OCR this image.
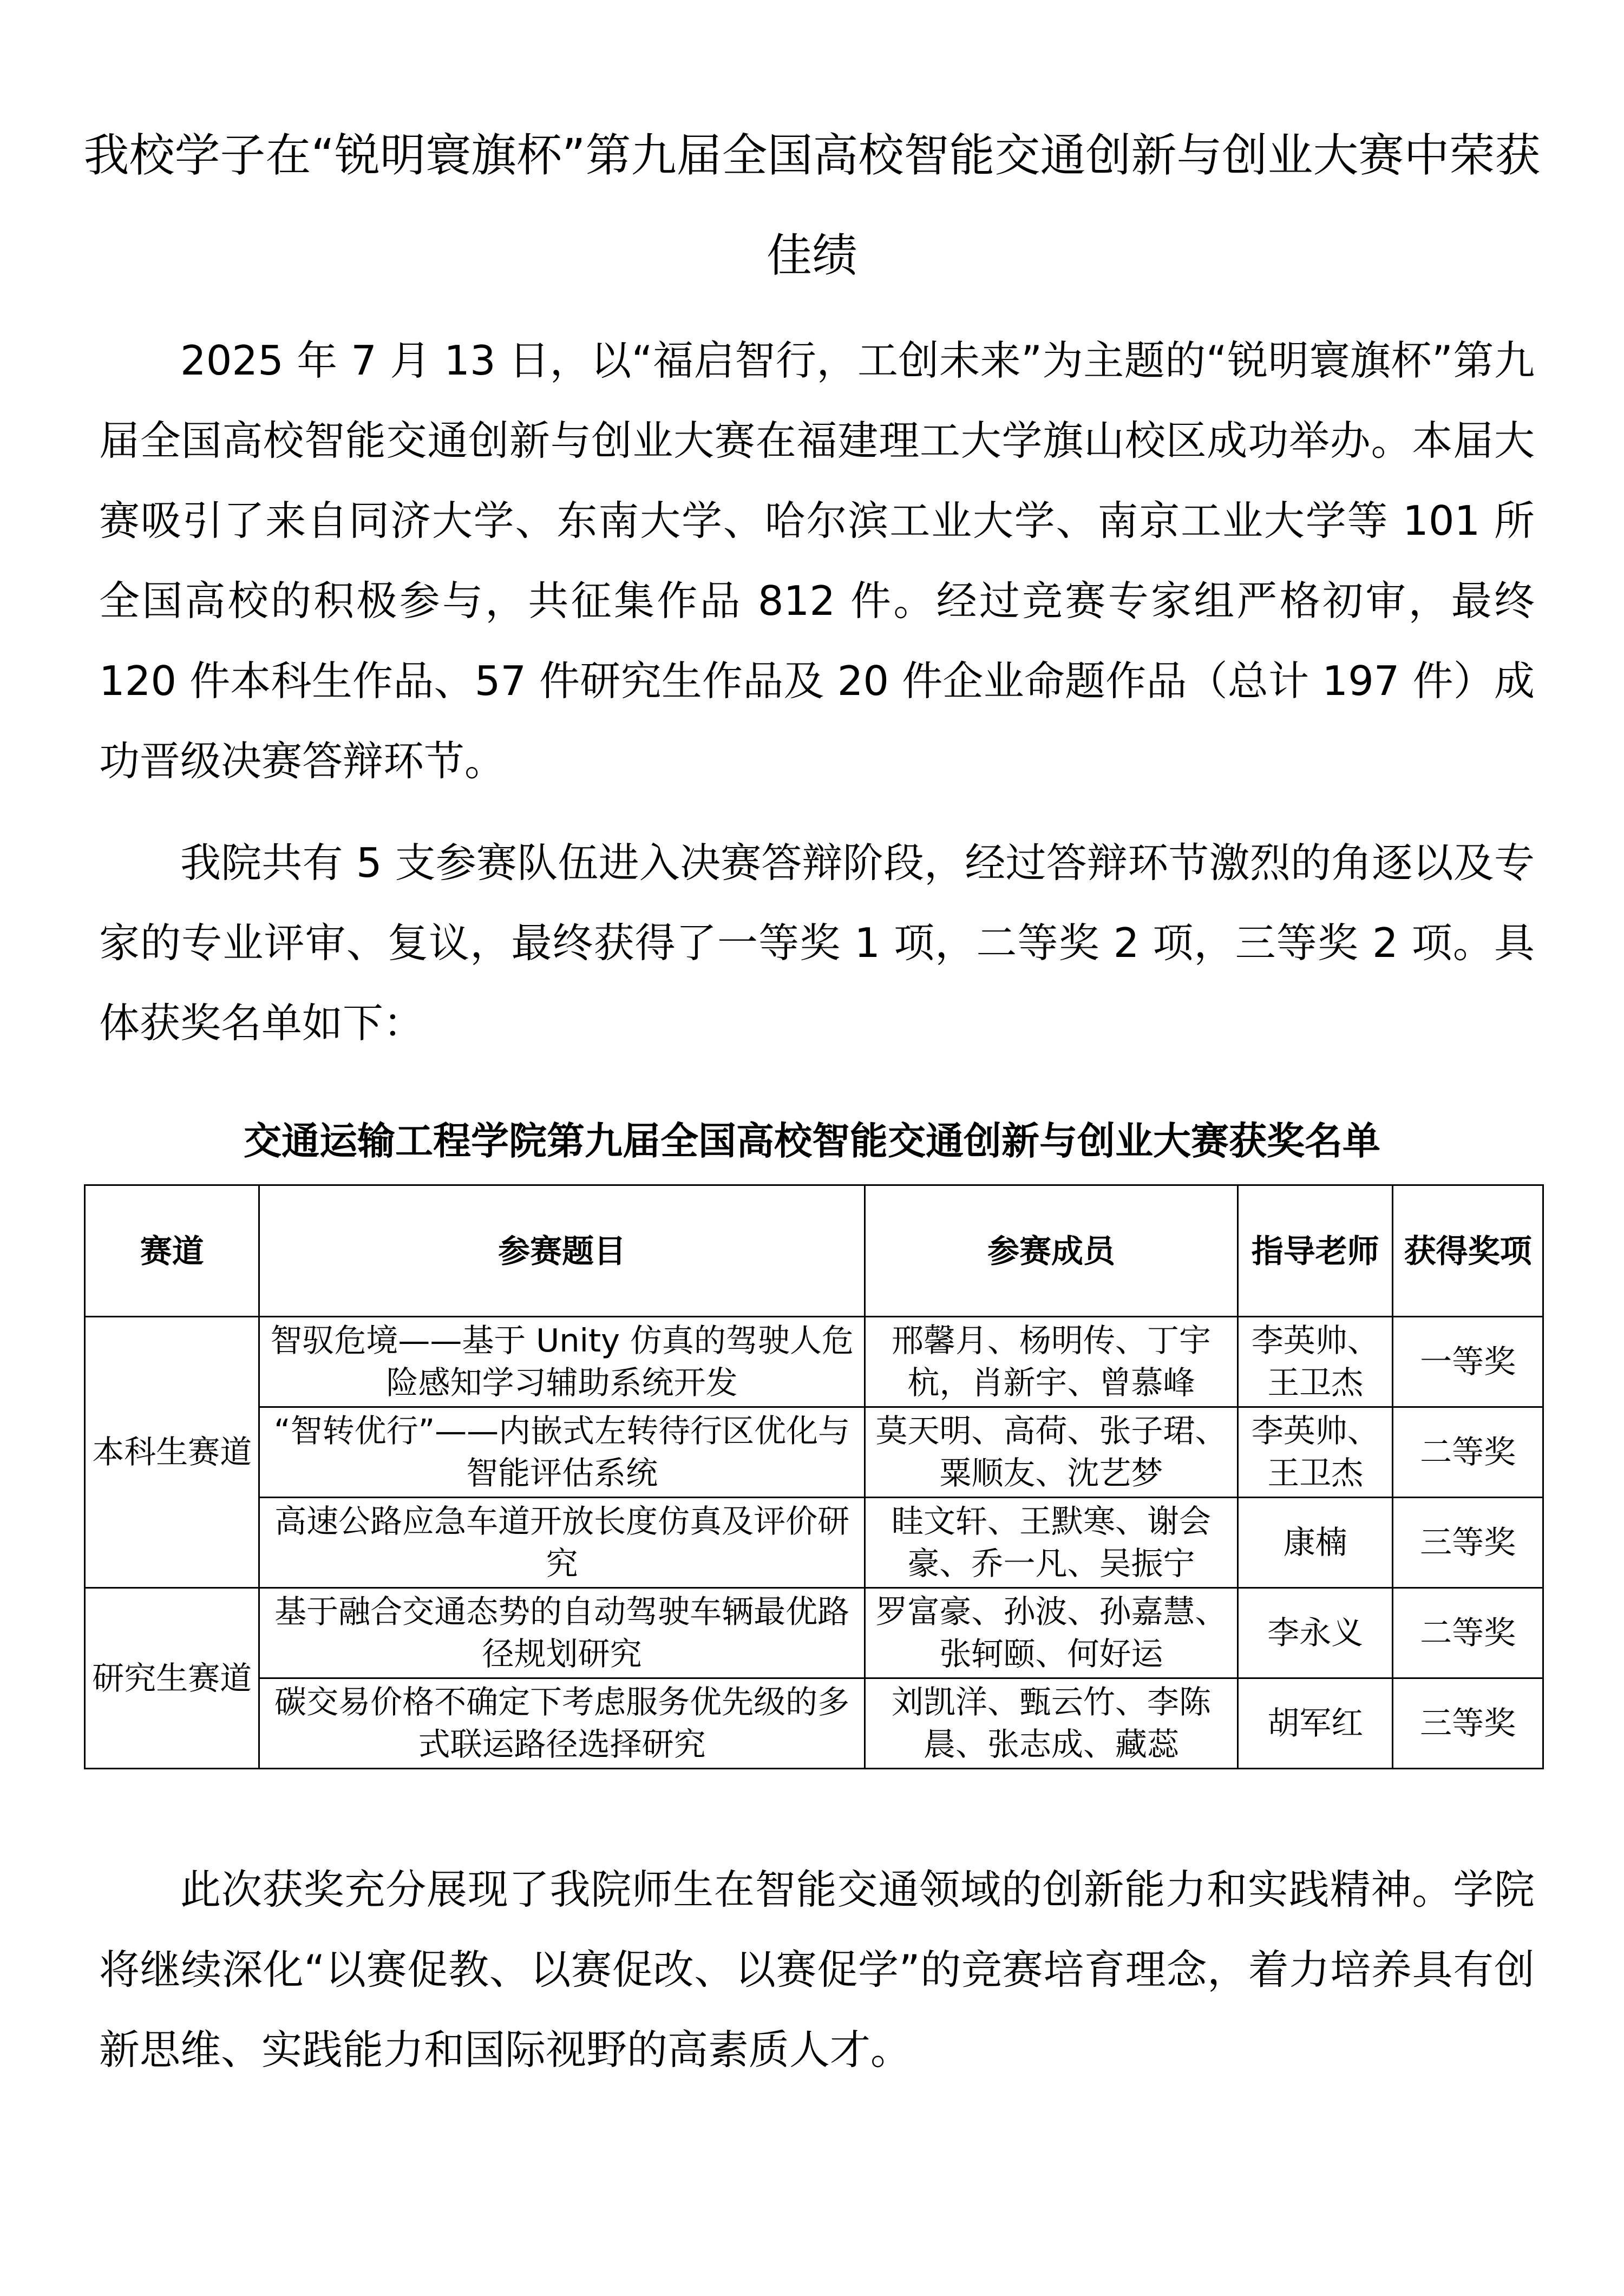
我校学子在“锐明寰旗杯”第九届全国高校智能交通创新与创业大赛中荣获佳绩

2025 年 7 月 13 日，以“福启智行，工创未来”为主题的“锐明寰旗杯”第九届全国高校智能交通创新与创业大赛在福建理工大学旗山校区成功举办。本届大赛吸引了来自同济大学、东南大学、哈尔滨工业大学、南京工业大学等 101 所全国高校的积极参与，共征集作品 812 件。经过竞赛专家组严格初审，最终 120 件本科生作品、57 件研究生作品及 20 件企业命题作品（总计 197 件）成功晋级决赛答辩环节。

我院共有 5 支参赛队伍进入决赛答辩阶段，经过答辩环节激烈的角逐以及专家的专业评审、复议，最终获得了一等奖 1 项，二等奖 2 项，三等奖 2 项。具体获奖名单如下：

交通运输工程学院第九届全国高校智能交通创新与创业大赛获奖名单
赛道	参赛题目	参赛成员	指导老师	获得奖项
本科生赛道	智驭危境——基于 Unity 仿真的驾驶人危险感知学习辅助系统开发	邢馨月、杨明传、丁宇杭，肖新宇、曾慕峰	李英帅、王卫杰	一等奖
	“智转优行”——内嵌式左转待行区优化与智能评估系统	莫天明、高荷、张子珺、粟顺友、沈艺梦	李英帅、王卫杰	二等奖
	高速公路应急车道开放长度仿真及评价研究	眭文轩、王默寒、谢会豪、乔一凡、吴振宁	康楠	三等奖
研究生赛道	基于融合交通态势的自动驾驶车辆最优路径规划研究	罗富豪、孙波、孙嘉慧、张轲颐、何好运	李永义	二等奖
	碳交易价格不确定下考虑服务优先级的多式联运路径选择研究	刘凯洋、甄云竹、李陈晨、张志成、藏蕊	胡军红	三等奖

此次获奖充分展现了我院师生在智能交通领域的创新能力和实践精神。学院将继续深化“以赛促教、以赛促改、以赛促学”的竞赛培育理念，着力培养具有创新思维、实践能力和国际视野的高素质人才。
